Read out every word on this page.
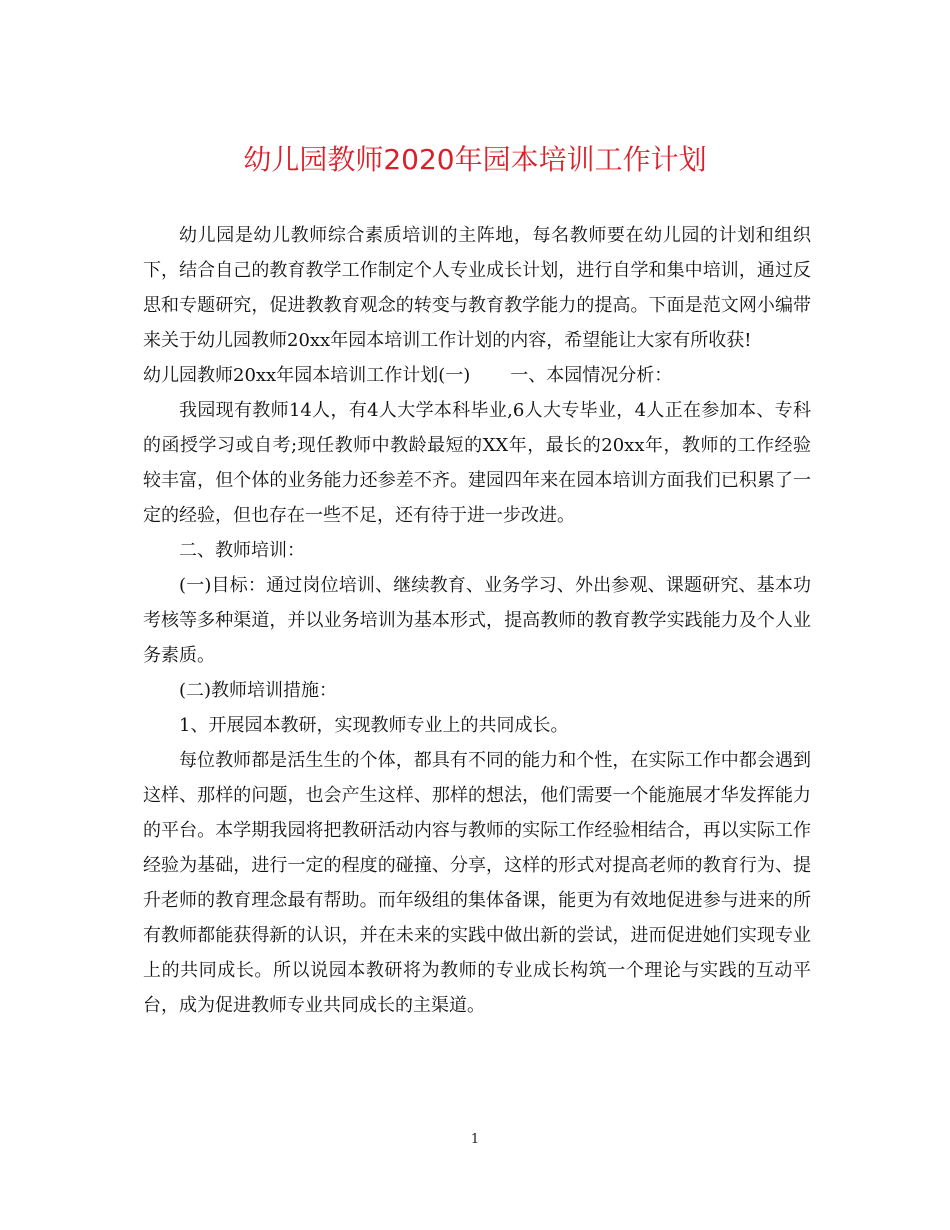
幼儿园教师2020年园本培训工作计划

幼儿园是幼儿教师综合素质培训的主阵地，每名教师要在幼儿园的计划和组织下，结合自己的教育教学工作制定个人专业成长计划，进行自学和集中培训，通过反思和专题研究，促进教教育观念的转变与教育教学能力的提高。下面是范文网小编带来关于幼儿园教师20xx年园本培训工作计划的内容，希望能让大家有所收获!

幼儿园教师20xx年园本培训工作计划(一) 一、本园情况分析：

我园现有教师14人，有4人大学本科毕业,6人大专毕业，4人正在参加本、专科的函授学习或自考;现任教师中教龄最短的XX年，最长的20xx年，教师的工作经验较丰富，但个体的业务能力还参差不齐。建园四年来在园本培训方面我们已积累了一定的经验，但也存在一些不足，还有待于进一步改进。

二、教师培训：

(一)目标：通过岗位培训、继续教育、业务学习、外出参观、课题研究、基本功考核等多种渠道，并以业务培训为基本形式，提高教师的教育教学实践能力及个人业务素质。

(二)教师培训措施：

1、开展园本教研，实现教师专业上的共同成长。

每位教师都是活生生的个体，都具有不同的能力和个性，在实际工作中都会遇到这样、那样的问题，也会产生这样、那样的想法，他们需要一个能施展才华发挥能力的平台。本学期我园将把教研活动内容与教师的实际工作经验相结合，再以实际工作经验为基础，进行一定的程度的碰撞、分享，这样的形式对提高老师的教育行为、提升老师的教育理念最有帮助。而年级组的集体备课，能更为有效地促进参与进来的所有教师都能获得新的认识，并在未来的实践中做出新的尝试，进而促进她们实现专业上的共同成长。所以说园本教研将为教师的专业成长构筑一个理论与实践的互动平台，成为促进教师专业共同成长的主渠道。

1
